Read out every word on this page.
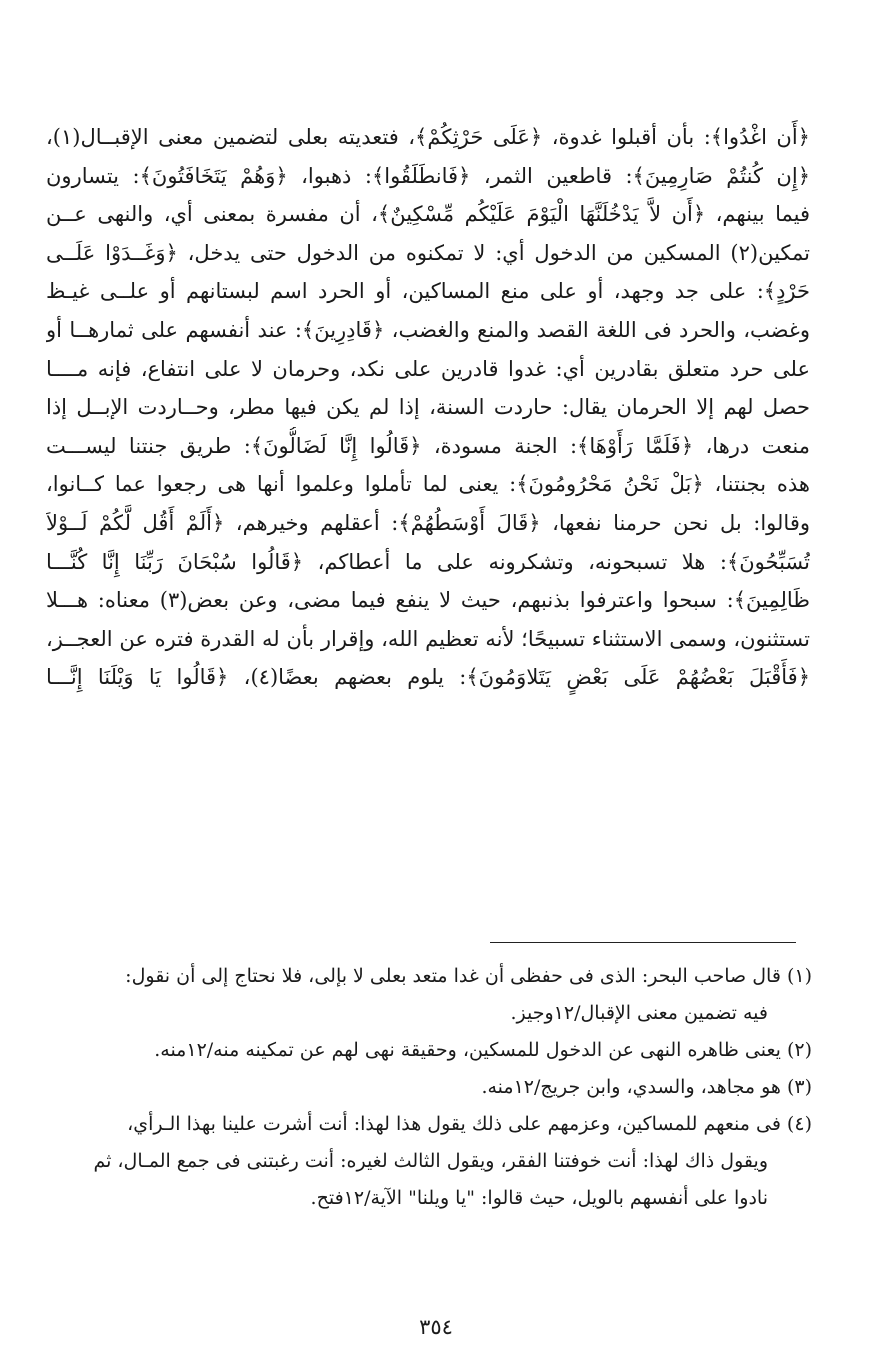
﴿أَن اغْدُوا﴾: بأن أقبلوا غدوة، ﴿عَلَى حَرْثِكُمْ﴾، فتعديته بعلى لتضمين معنى الإقبــال(١)،
﴿إِن كُنتُمْ صَارِمِينَ﴾: قاطعين الثمر، ﴿فَانطَلَقُوا﴾: ذهبوا، ﴿وَهُمْ يَتَخَافَتُونَ﴾: يتسارون
فيما بينهم، ﴿أَن لاَّ يَدْخُلَنَّهَا الْيَوْمَ عَلَيْكُم مِّسْكِينٌ﴾، أن مفسرة بمعنى أي، والنهى عــن
تمكين(٢) المسكين من الدخول أي: لا تمكنوه من الدخول حتى يدخل، ﴿وَغَــدَوْا عَلَــى
حَرْدٍ﴾: على جد وجهد، أو على منع المساكين، أو الحرد اسم لبستانهم أو علــى غيـظ
وغضب، والحرد فى اللغة القصد والمنع والغضب، ﴿قَادِرِينَ﴾: عند أنفسهم على ثمارهــا أو
على حرد متعلق بقادرين أي: غدوا قادرين على نكد، وحرمان لا على انتفاع، فإنه مــــا
حصل لهم إلا الحرمان يقال: حاردت السنة، إذا لم يكن فيها مطر، وحــاردت الإبــل إذا
منعت درها، ﴿فَلَمَّا رَأَوْهَا﴾: الجنة مسودة، ﴿قَالُوا إِنَّا لَضَالُّونَ﴾: طريق جنتنا ليســـت
هذه بجنتنا، ﴿بَلْ نَحْنُ مَحْرُومُونَ﴾: يعنى لما تأملوا وعلموا أنها هى رجعوا عما كــانوا،
وقالوا: بل نحن حرمنا نفعها، ﴿قَالَ أَوْسَطُهُمْ﴾: أعقلهم وخيرهم، ﴿أَلَمْ أَقُل لَّكُمْ لَــوْلاَ
تُسَبِّحُونَ﴾: هلا تسبحونه، وتشكرونه على ما أعطاكم، ﴿قَالُوا سُبْحَانَ رَبِّنَا إِنَّا كُنَّـــا
ظَالِمِينَ﴾: سبحوا واعترفوا بذنبهم، حيث لا ينفع فيما مضى، وعن بعض(٣) معناه: هـــلا
تستثنون، وسمى الاستثناء تسبيحًا؛ لأنه تعظيم الله، وإقرار بأن له القدرة فتره عن العجــز،
﴿فَأَقْبَلَ بَعْضُهُمْ عَلَى بَعْضٍ يَتَلاوَمُونَ﴾: يلوم بعضهم بعضًا(٤)، ﴿قَالُوا يَا وَيْلَنَا إِنَّـــا
(١) قال صاحب البحر: الذى فى حفظى أن غدا متعد بعلى لا بإلى، فلا نحتاج إلى أن نقول:
فيه تضمين معنى الإقبال/١٢وجيز.
(٢) يعنى ظاهره النهى عن الدخول للمسكين، وحقيقة نهى لهم عن تمكينه منه/١٢منه.
(٣) هو مجاهد، والسدي، وابن جريج/١٢منه.
(٤) فى منعهم للمساكين، وعزمهم على ذلك يقول هذا لهذا: أنت أشرت علينا بهذا الـرأي،
ويقول ذاك لهذا: أنت خوفتنا الفقر، ويقول الثالث لغيره: أنت رغبتنى فى جمع المـال، ثم
نادوا على أنفسهم بالويل، حيث قالوا: "يا ويلنا" الآية/١٢فتح.
٣٥٤
